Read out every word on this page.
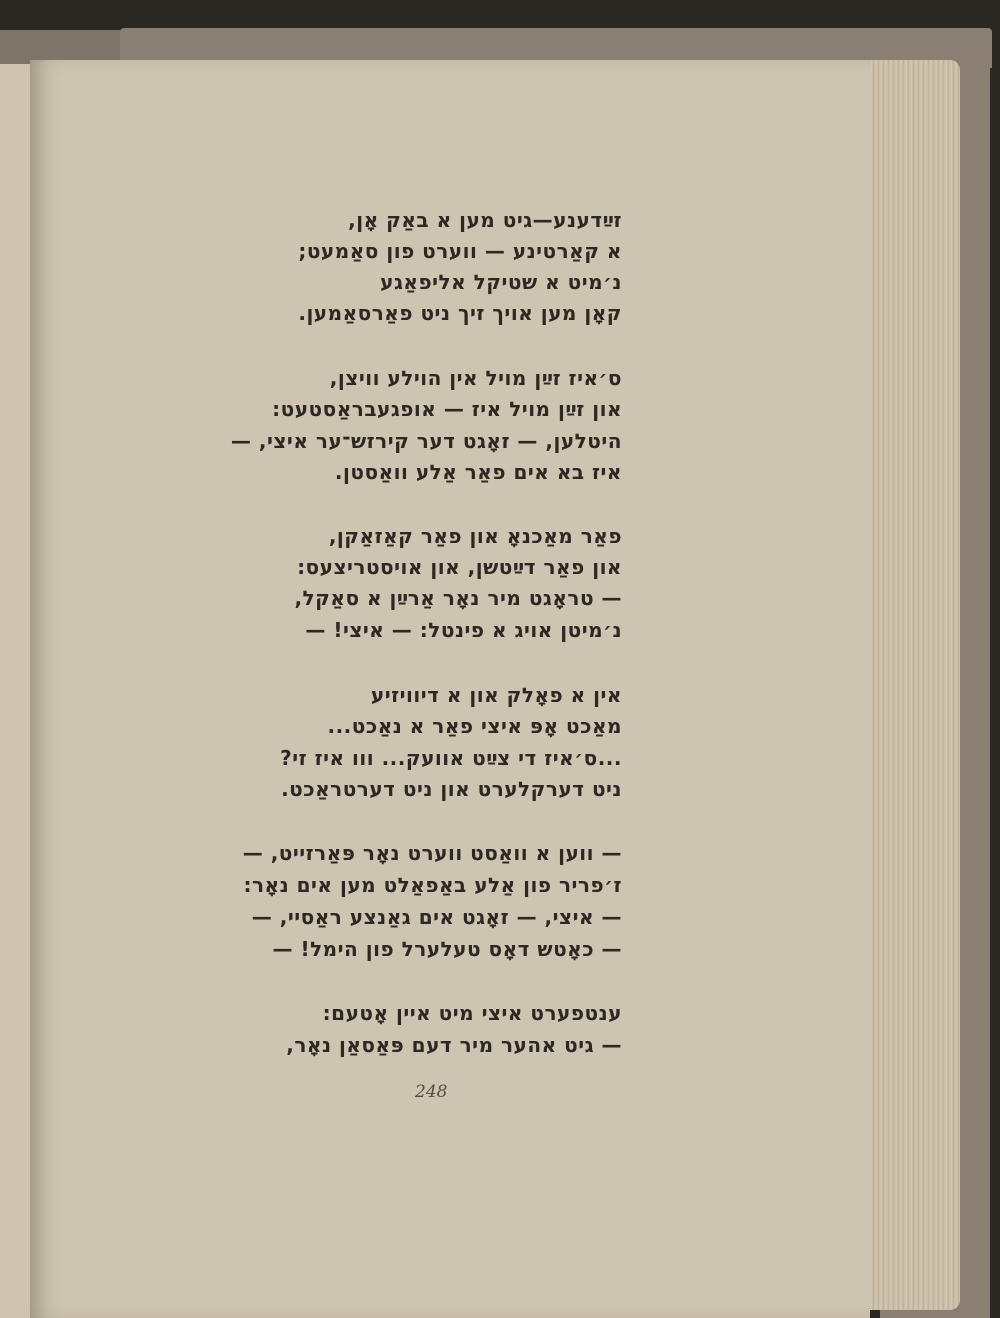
זײַדענע—גיט מען א באַק אָן,
א קאַרטינע — ווערט פון סאַמעט;
נ׳מיט א שטיקל אליפאַגע
קאָן מען אויך זיך ניט פאַרסאַמען.
ס׳איז זײַן מויל אין הוילע וויצן,
און זײַן מויל איז — אופגעבראַסטעט:
היטלען, — זאָגט דער קירזש־ער איצי, —
איז בא אים פאַר אַלע וואַסטן.
פאַר מאַכנאָ און פאַר קאַזאַקן,
און פאַר דײַטשן, און אויסטריצעס:
— טראָגט מיר נאָר אַרײַן א סאַקל,
נ׳מיטן אויג א פינטל: — איצי! —
אין א פאָלק און א דיוויזיע
מאַכט אָפּ איצי פאַר א נאַכט...
...ס׳איז די צײַט אוועק... ווו איז זי?
ניט דערקלערט און ניט דערטראַכט.
— ווען א וואַסט ווערט נאָר פּאַרזייט, —
ז׳פריר פון אַלע באַפאַלט מען אים נאָר:
— איצי, — זאָגט אים גאַנצע ראַסיי, —
— כאָטש דאָס טעלערל פון הימל! —
ענטפערט איצי מיט איין אָטעם:
— גיט אהער מיר דעם פּאַסאַן נאָר,
248
